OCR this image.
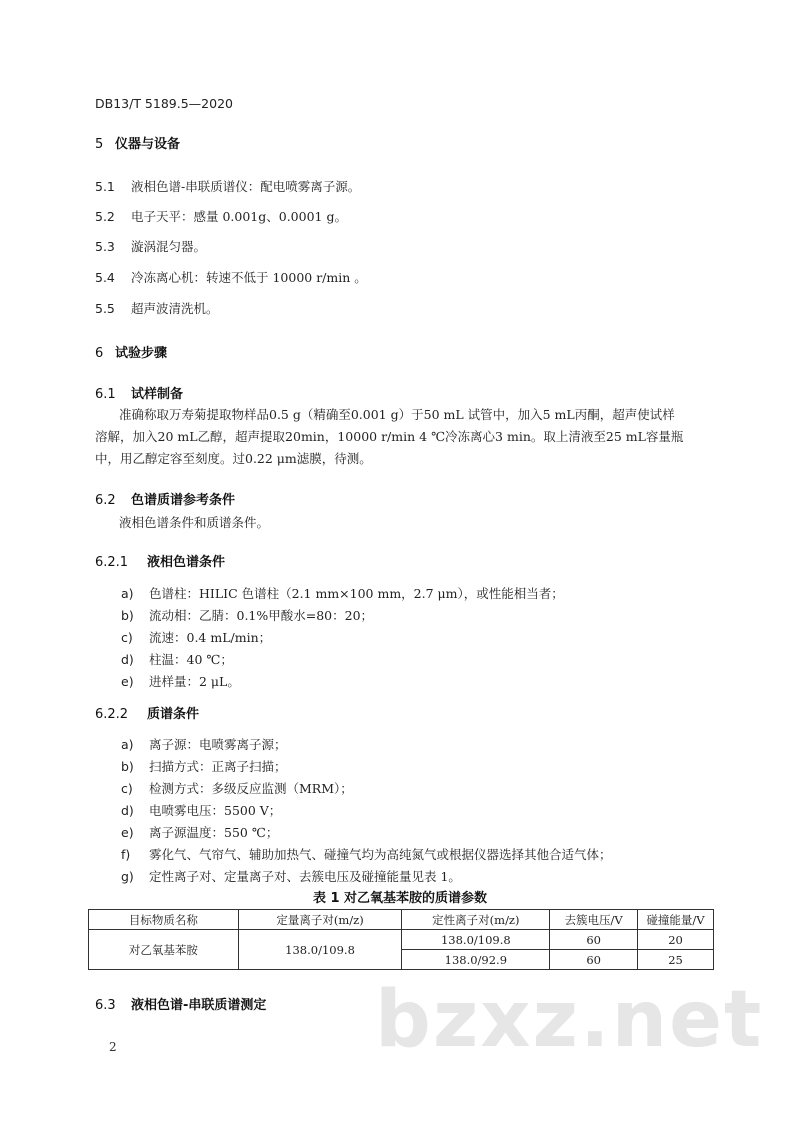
DB13/T 5189.5—2020
5 仪器与设备
5.1 液相色谱-串联质谱仪：配电喷雾离子源。
5.2 电子天平：感量 0.001g、0.0001 g。
5.3 漩涡混匀器。
5.4 冷冻离心机：转速不低于 10000 r/min 。
5.5 超声波清洗机。
6 试验步骤
6.1 试样制备
准确称取万寿菊提取物样品0.5 g（精确至0.001 g）于50 mL 试管中，加入5 mL丙酮，超声使试样
溶解，加入20 mL乙醇，超声提取20min，10000 r/min 4 ℃冷冻离心3 min。取上清液至25 mL容量瓶
中，用乙醇定容至刻度。过0.22 μm滤膜，待测。
6.2 色谱质谱参考条件
液相色谱条件和质谱条件。
6.2.1 液相色谱条件
a) 色谱柱：HILIC 色谱柱（2.1 mm×100 mm，2.7 μm），或性能相当者；
b) 流动相：乙腈：0.1%甲酸水=80：20；
c) 流速：0.4 mL/min；
d) 柱温：40 ℃；
e) 进样量：2 μL。
6.2.2 质谱条件
a) 离子源：电喷雾离子源；
b) 扫描方式：正离子扫描；
c) 检测方式：多级反应监测（MRM）；
d) 电喷雾电压：5500 V；
e) 离子源温度：550 ℃；
f) 雾化气、气帘气、辅助加热气、碰撞气均为高纯氮气或根据仪器选择其他合适气体；
g) 定性离子对、定量离子对、去簇电压及碰撞能量见表 1。
表 1 对乙氧基苯胺的质谱参数
目标物质名称	定量离子对(m/z)	定性离子对(m/z)	去簇电压/V	碰撞能量/V
对乙氧基苯胺	138.0/109.8	138.0/109.8	60	20
		138.0/92.9	60	25
6.3 液相色谱-串联质谱测定 bzxz.net
2
